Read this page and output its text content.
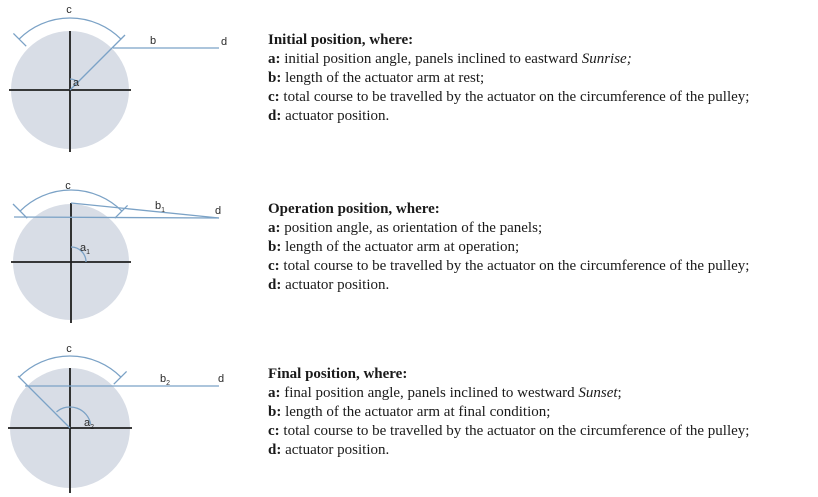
c
b	d
a
c
$b_1$	d
$a_1$
c
$b_2$	d
$a_2$
Initial position, where:
a: initial position angle, panels inclined to eastward Sunrise;
b: length of the actuator arm at rest;
c: total course to be travelled by the actuator on the circumference of the pulley;
d: actuator position.
Operation position, where:
a: position angle, as orientation of the panels;
b: length of the actuator arm at operation;
c: total course to be travelled by the actuator on the circumference of the pulley;
d: actuator position.
Final position, where:
a: final position angle, panels inclined to westward Sunset;
b: length of the actuator arm at final condition;
c: total course to be travelled by the actuator on the circumference of the pulley;
d: actuator position.
